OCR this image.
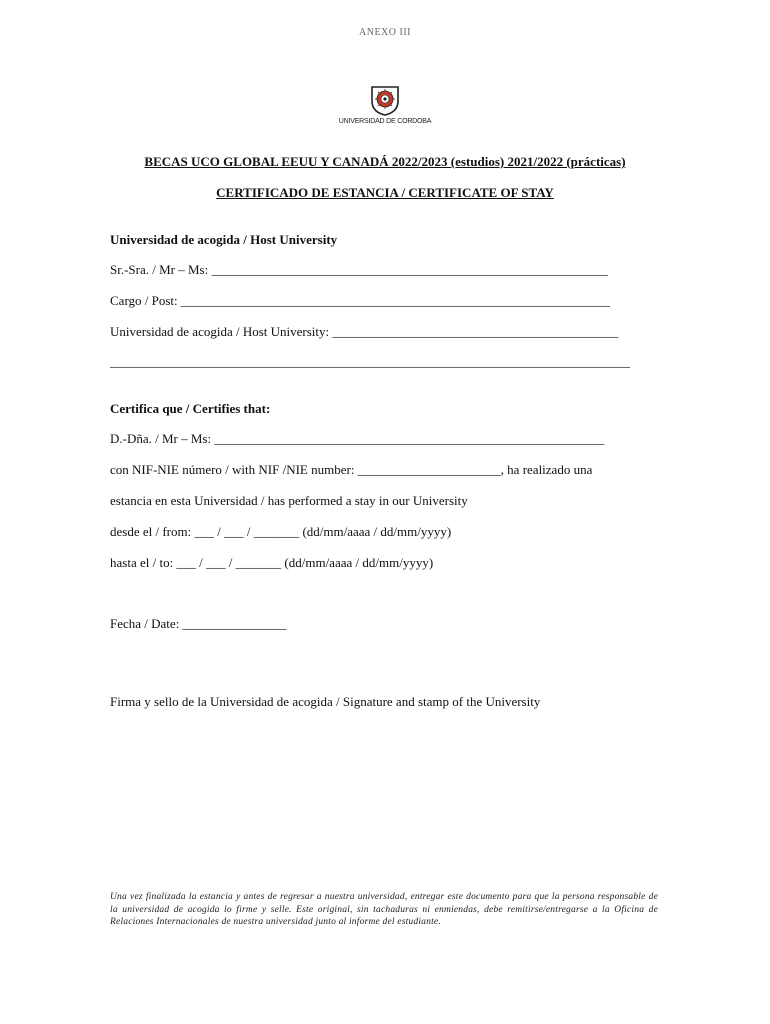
ANEXO III
UNIVERSIDAD DE CORDOBA
BECAS UCO GLOBAL EEUU Y CANADÁ 2022/2023 (estudios) 2021/2022 (prácticas)
CERTIFICADO DE ESTANCIA / CERTIFICATE OF STAY
Universidad de acogida / Host University
Sr.-Sra. / Mr – Ms: _____________________________________________________________
Cargo / Post: __________________________________________________________________
Universidad de acogida / Host University: ____________________________________________
________________________________________________________________________________
Certifica que / Certifies that:
D.-Dña. / Mr – Ms: ____________________________________________________________
con NIF-NIE número / with NIF /NIE number: ______________________, ha realizado una
estancia en esta Universidad / has performed a stay in our University
desde el / from: ___ / ___ / _______ (dd/mm/aaaa / dd/mm/yyyy)
hasta el / to: ___ / ___ / _______ (dd/mm/aaaa / dd/mm/yyyy)
Fecha / Date: ________________
Firma y sello de la Universidad de acogida / Signature and stamp of the University
Una vez finalizada la estancia y antes de regresar a nuestra universidad, entregar este documento para que la persona responsable de la universidad de acogida lo firme y selle. Este original, sin tachaduras ni enmiendas, debe remitirse/entregarse a la Oficina de Relaciones Internacionales de nuestra universidad junto al informe del estudiante.
